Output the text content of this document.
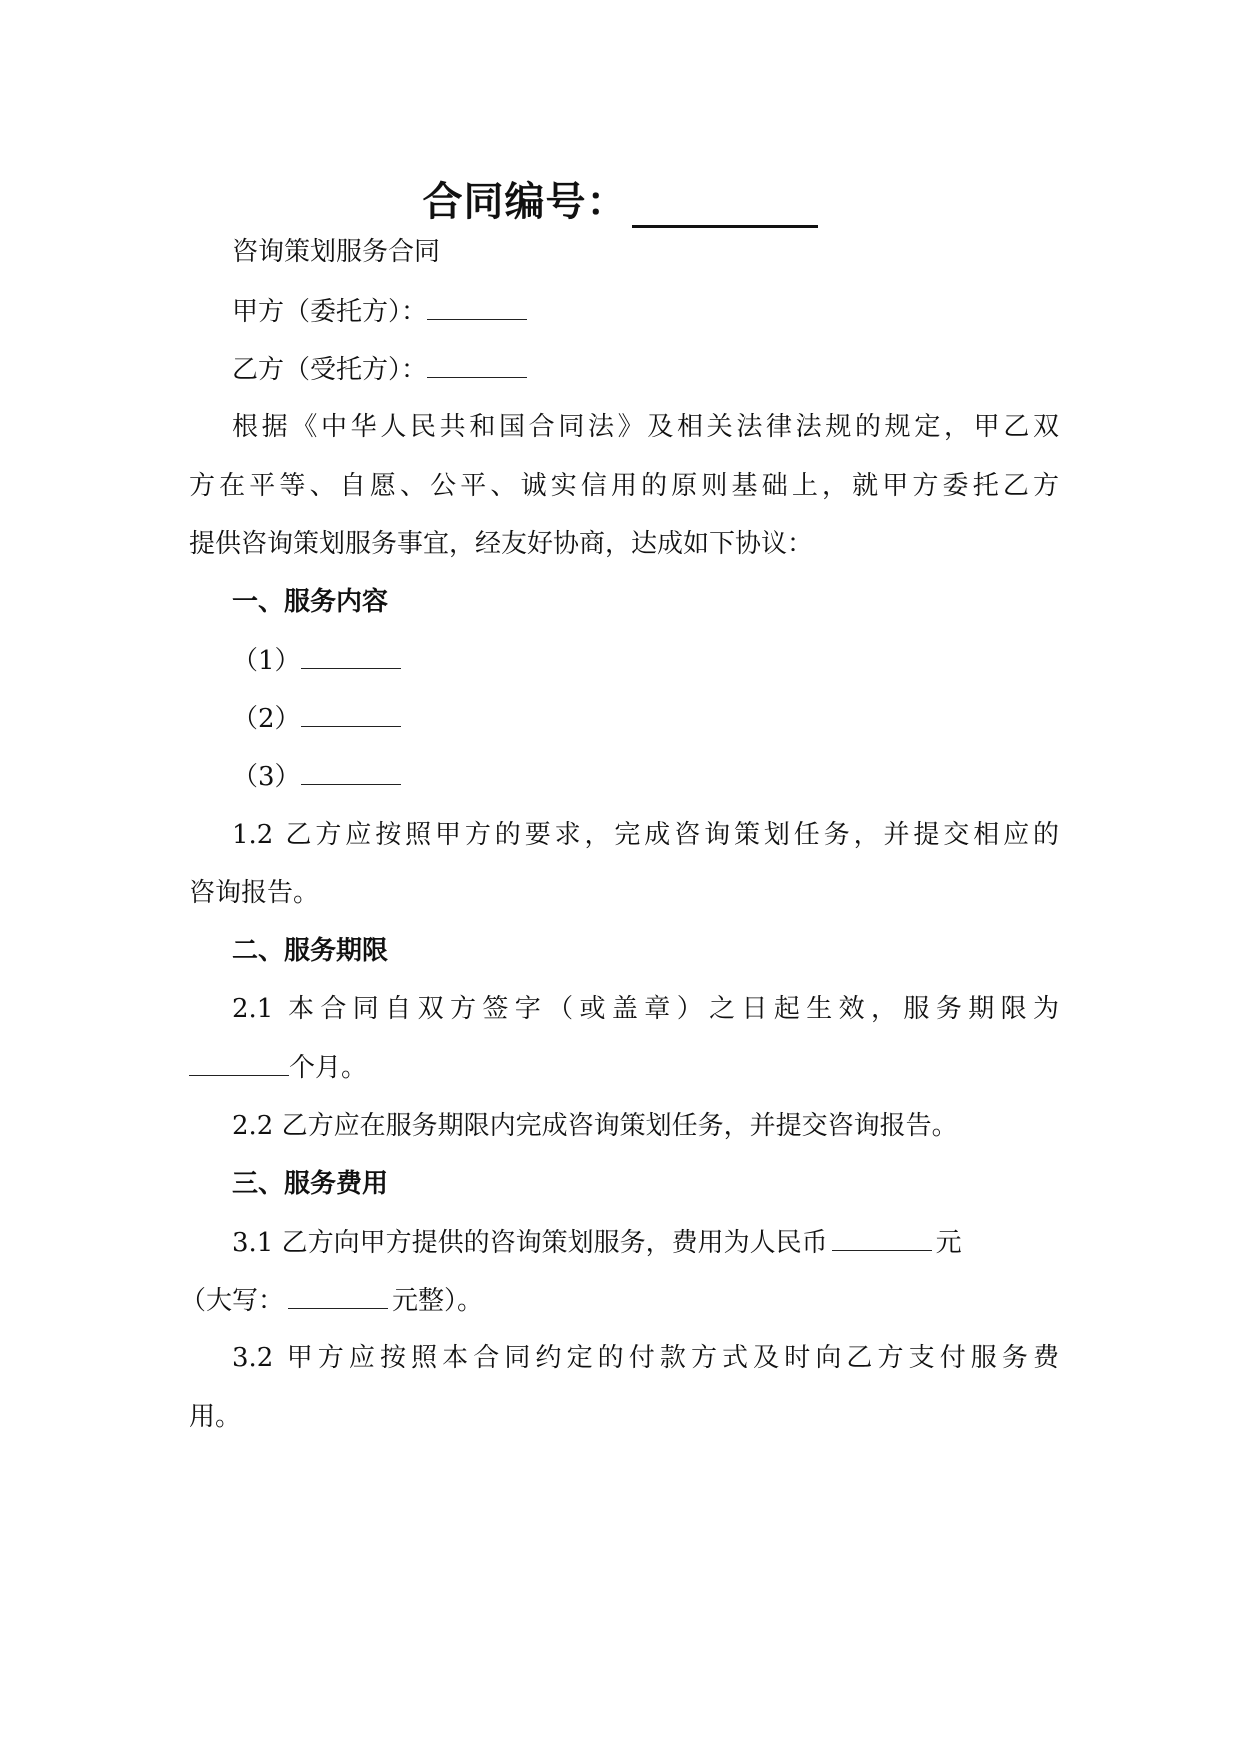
合同编号：
咨询策划服务合同
甲方（委托方）：
乙方（受托方）：
根据《中华人民共和国合同法》及相关法律法规的规定，甲乙双
方在平等、自愿、公平、诚实信用的原则基础上，就甲方委托乙方
提供咨询策划服务事宜，经友好协商，达成如下协议：
一、服务内容
（1）
（2）
（3）
1.2 乙方应按照甲方的要求，完成咨询策划任务，并提交相应的
咨询报告。
二、服务期限
2.1 本合同自双方签字（或盖章）之日起生效，服务期限为
个月。
2.2 乙方应在服务期限内完成咨询策划任务，并提交咨询报告。
三、服务费用
3.1 乙方向甲方提供的咨询策划服务，费用为人民币	元
（大写：	元整）。
3.2 甲方应按照本合同约定的付款方式及时向乙方支付服务费
用。
